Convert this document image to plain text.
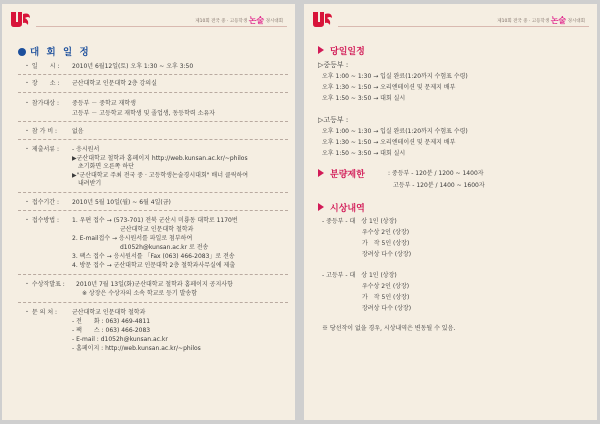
제10회 전국 중 · 고등학생 논술 경시대회
대 회 일 정
・ 일　　시 : 2010년 6월12일(토) 오후 1:30 ~ 오후 3:50
・ 장　　소 : 군산대학교 인문대학 2층 강의실
・ 참가대상 : 중등부 － 중학교 재학생
고등부 － 고등학교 재학생 및 졸업생, 동등학력 소유자
・ 참 가 비 : 없음
・ 제출서류 : - 응시원서
▶군산대학교 철학과 홈페이지 http://web.kunsan.ac.kr/~philos
　초기화면 오른쪽 하단
▶"군산대학교 주최 전국 중 · 고등학생논술경시대회" 배너 클릭하여
　내려받기
・ 접수기간 : 2010년 5월 10일(월) ~ 6월 4일(금)
・ 접수방법 : 1. 우편 접수 → (573-701) 전북 군산시 미룡동 대학로 1170번
　　　　　　　　군산대학교 인문대학 철학과
2. E-mail접수 → 응시원서를 파일로 첨부하여
　　　　　　　　d1052h@kunsan.ac.kr 로 전송
3. 팩스 접수 → 응시원서를 「Fax (063) 466-2083」로 전송
4. 방문 접수 → 군산대학교 인문대학 2층 철학과사무실에 제출
・ 수상작발표 : 2010년 7월 13일(화)군산대학교 철학과 홈페이지 공지사항
※ 상장은 수상자의 소속 학교로 등기 발송함
・ 문 의 처 : 군산대학교 인문대학 철학과
- 전　　화 : 063) 469-4811
- 팩　　스 : 063) 466-2083
- E-mail : d1052h@kunsan.ac.kr
- 홈페이지 : http://web.kunsan.ac.kr/~philos
제10회 전국 중 · 고등학생 논술 경시대회
당일일정
▷중등부 :
오후 1:00 ~ 1:30 → 입실 완료(1:20까지 수험표 수령)
오후 1:30 ~ 1:50 → 오리엔테이션 및 문제지 배부
오후 1:50 ~ 3:50 → 대회 실시
▷고등부 :
오후 1:00 ~ 1:30 → 입실 완료(1:20까지 수험표 수령)
오후 1:30 ~ 1:50 → 오리엔테이션 및 문제지 배부
오후 1:50 ~ 3:50 → 대회 실시
분량제한	: 중등부 - 120분 / 1200 ~ 1400자
고등부 - 120분 / 1400 ~ 1600자
시상내역
- 중등부 - 대　상 1인 (상장)
우수상 2인 (상장)
가　작 5인 (상장)
장려상 다수 (상장)
- 고등부 - 대　상 1인 (상장)
우수상 2인 (상장)
가　작 5인 (상장)
장려상 다수 (상장)
※ 당선작이 없을 경우, 시상내역은 변동될 수 있음.
